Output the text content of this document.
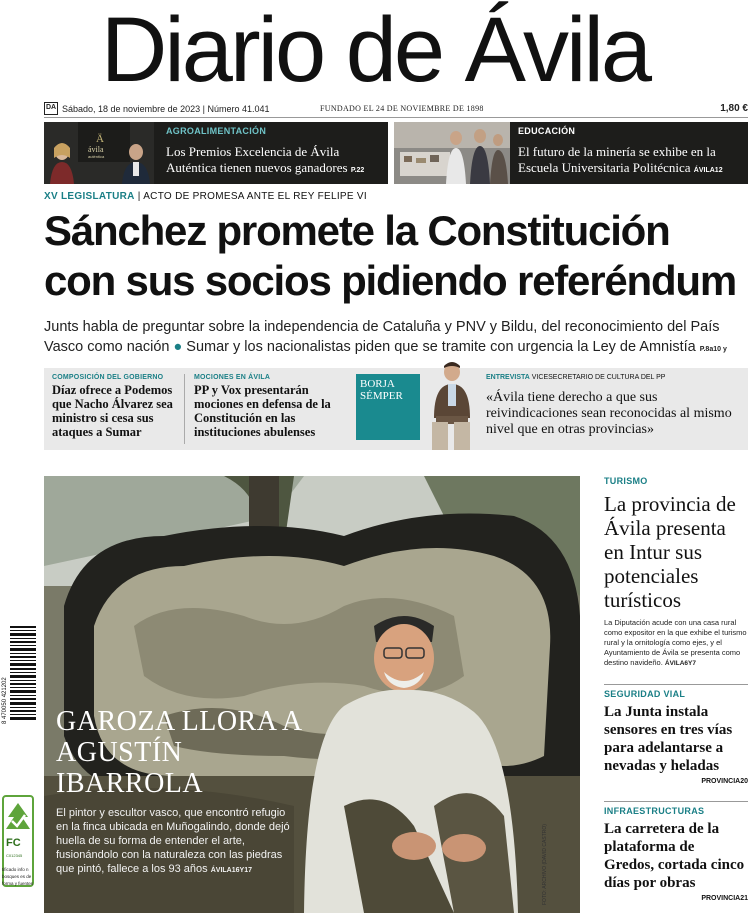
Diario de Ávila
DA Sábado, 18 de noviembre de 2023 | Número 41.041	FUNDADO EL 24 DE NOVIEMBRE DE 1898	1,80 €
Ä
ávila
auténtica
AGROALIMENTACIÓN
Los Premios Excelencia de Ávila Auténtica tienen nuevos ganadores P.22
EDUCACIÓN
El futuro de la minería se exhibe en la Escuela Universitaria Politécnica ÁVILA12
XV LEGISLATURA | ACTO DE PROMESA ANTE EL REY FELIPE VI
Sánchez promete la Constitución con sus socios pidiendo referéndum
Junts habla de preguntar sobre la independencia de Cataluña y PNV y Bildu, del reconocimiento del País Vasco como nación ● Sumar y los nacionalistas piden que se tramite con urgencia la Ley de Amnistía P.8a10 y
COMPOSICIÓN DEL GOBIERNO
Díaz ofrece a Podemos que Nacho Álvarez sea ministro si cesa sus ataques a Sumar
MOCIONES EN ÁVILA
PP y Vox presentarán mociones en defensa de la Constitución en las instituciones abulenses
BORJA SÉMPER
ENTREVISTA VICESECRETARIO DE CULTURA DEL PP
«Ávila tiene derecho a que sus reivindicaciones sean reconocidas al mismo nivel que en otras provincias»
GAROZA LLORA A AGUSTÍN IBARROLA
El pintor y escultor vasco, que encontró refugio en la finca ubicada en Muñogalindo, donde dejó huella de su forma de entender el arte, fusionándolo con la naturaleza con las piedras que pintó, fallece a los 93 años ÁVILA16Y17	FOTO: ARCHIVO (DAVID CASTRO)
TURISMO
La provincia de Ávila presenta en Intur sus potenciales turísticos
La Diputación acude con una casa rural como expositor en la que exhibe el turismo rural y la ornitología como ejes, y el Ayuntamiento de Ávila se presenta como destino navideño. ÁVILA6Y7
SEGURIDAD VIAL
La Junta instala sensores en tres vías para adelantarse a nevadas y heladas
PROVINCIA20
INFRAESTRUCTURAS
La carretera de la plataforma de Gredos, cortada cinco días por obras
PROVINCIA21
8 470050 421202
FC
C012345
tificado info n bosques es de forma y fuentes
